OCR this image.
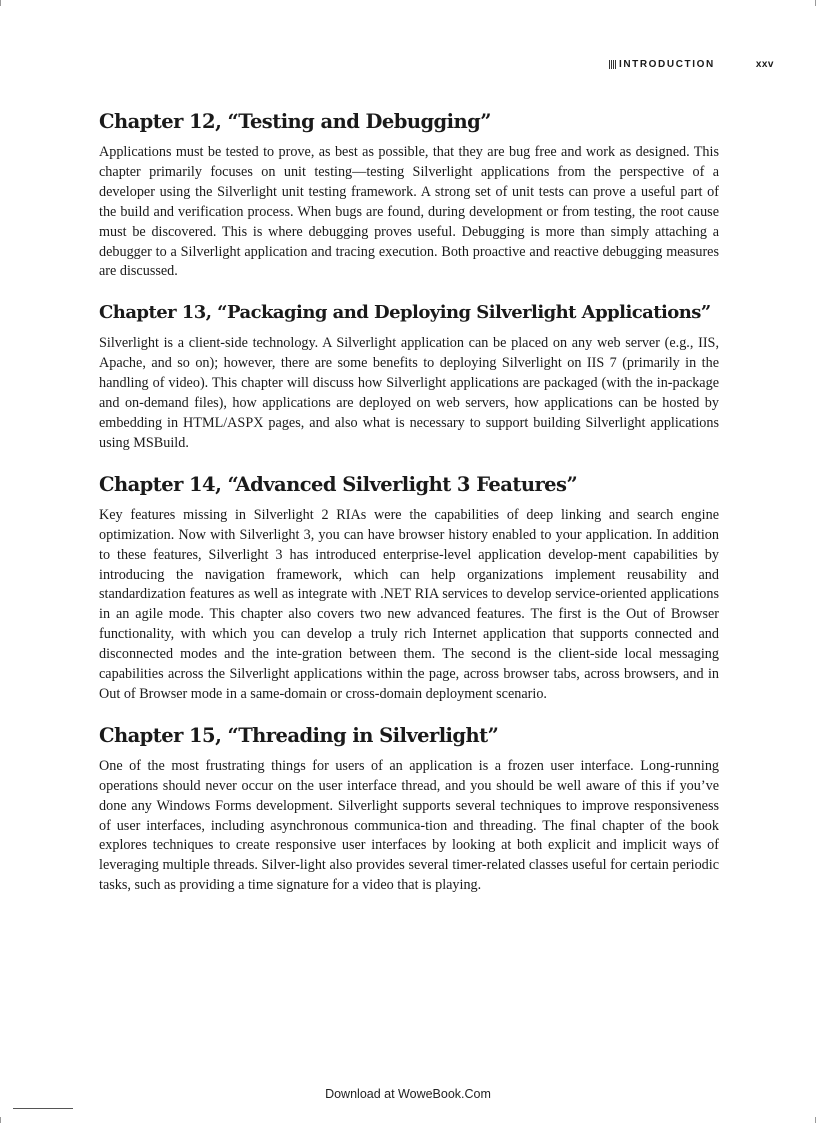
INTRODUCTION	xxv
Chapter 12, “Testing and Debugging”

Applications must be tested to prove, as best as possible, that they are bug free and work as designed. This chapter primarily focuses on unit testing—testing Silverlight applications from the perspective of a developer using the Silverlight unit testing framework. A strong set of unit tests can prove a useful part of the build and verification process. When bugs are found, during development or from testing, the root cause must be discovered. This is where debugging proves useful. Debugging is more than simply attaching a debugger to a Silverlight application and tracing execution. Both proactive and reactive debugging measures are discussed.

Chapter 13, “Packaging and Deploying Silverlight Applications”

Silverlight is a client-side technology. A Silverlight application can be placed on any web server (e.g., IIS, Apache, and so on); however, there are some benefits to deploying Silverlight on IIS 7 (primarily in the handling of video). This chapter will discuss how Silverlight applications are packaged (with the in-package and on-demand files), how applications are deployed on web servers, how applications can be hosted by embedding in HTML/ASPX pages, and also what is necessary to support building Silverlight applications using MSBuild.

Chapter 14, “Advanced Silverlight 3 Features”

Key features missing in Silverlight 2 RIAs were the capabilities of deep linking and search engine optimization. Now with Silverlight 3, you can have browser history enabled to your application. In addition to these features, Silverlight 3 has introduced enterprise-level application develop-ment capabilities by introducing the navigation framework, which can help organizations implement reusability and standardization features as well as integrate with .NET RIA services to develop service-oriented applications in an agile mode. This chapter also covers two new advanced features. The first is the Out of Browser functionality, with which you can develop a truly rich Internet application that supports connected and disconnected modes and the inte-gration between them. The second is the client-side local messaging capabilities across the Silverlight applications within the page, across browser tabs, across browsers, and in Out of Browser mode in a same-domain or cross-domain deployment scenario.

Chapter 15, “Threading in Silverlight”

One of the most frustrating things for users of an application is a frozen user interface. Long-running operations should never occur on the user interface thread, and you should be well aware of this if you’ve done any Windows Forms development. Silverlight supports several techniques to improve responsiveness of user interfaces, including asynchronous communica-tion and threading. The final chapter of the book explores techniques to create responsive user interfaces by looking at both explicit and implicit ways of leveraging multiple threads. Silver-light also provides several timer-related classes useful for certain periodic tasks, such as providing a time signature for a video that is playing.

Download at WoweBook.Com
